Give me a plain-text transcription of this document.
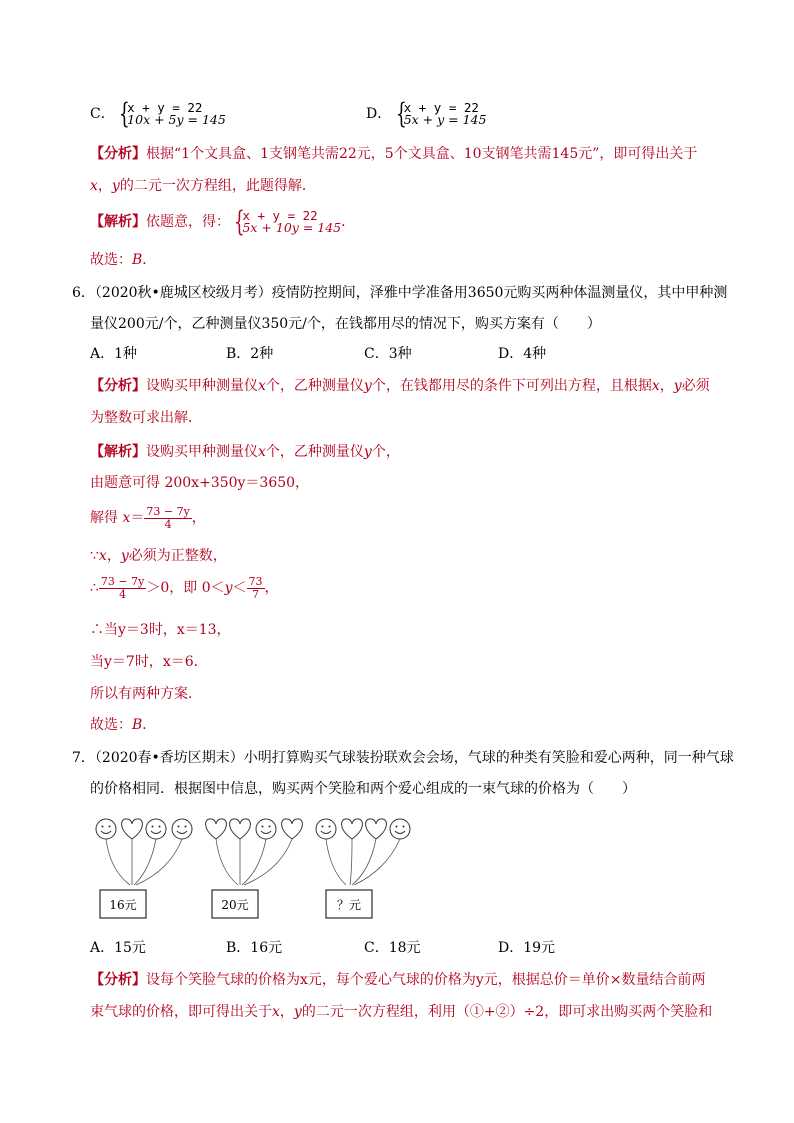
C． {
x + y = 22
10x + 5y = 145	D． {
x + y = 22
5x + y = 145
【分析】根据“1个文具盒、1支钢笔共需22元，5个文具盒、10支钢笔共需145元”，即可得出关于
x，y的二元一次方程组，此题得解．
【解析】依题意，得： {
x + y = 22
5x + 10y = 145 ．
故选：B．
6．（2020秋•鹿城区校级月考）疫情防控期间，泽雅中学准备用3650元购买两种体温测量仪，其中甲种测
量仪200元/个，乙种测量仪350元/个，在钱都用尽的情况下，购买方案有（　　）
A．1种	B．2种	C．3种	D．4种
【分析】设购买甲种测量仪x个，乙种测量仪y个，在钱都用尽的条件下可列出方程，且根据x，y必须
为整数可求出解．
【解析】设购买甲种测量仪x个，乙种测量仪y个，
由题意可得 200x+350y＝3650，
解得 $x= \frac{73 - 7y}{4}$ ，
∵x，y必须为正整数，
∴ $\frac{73 - 7y}{4} >0$，即 $0<y< \frac{73}{7}$ ，
∴当y＝3时，x＝13，
当y＝7时，x＝6．
所以有两种方案．
故选：B．
7．（2020春•香坊区期末）小明打算购买气球装扮联欢会会场，气球的种类有笑脸和爱心两种，同一种气球
的价格相同．根据图中信息，购买两个笑脸和两个爱心组成的一束气球的价格为（　　）
16元	20元	？元
A．15元	B．16元	C．18元	D．19元
【分析】设每个笑脸气球的价格为x元，每个爱心气球的价格为y元，根据总价＝单价×数量结合前两
束气球的价格，即可得出关于x，y的二元一次方程组，利用（①+②）÷2，即可求出购买两个笑脸和
